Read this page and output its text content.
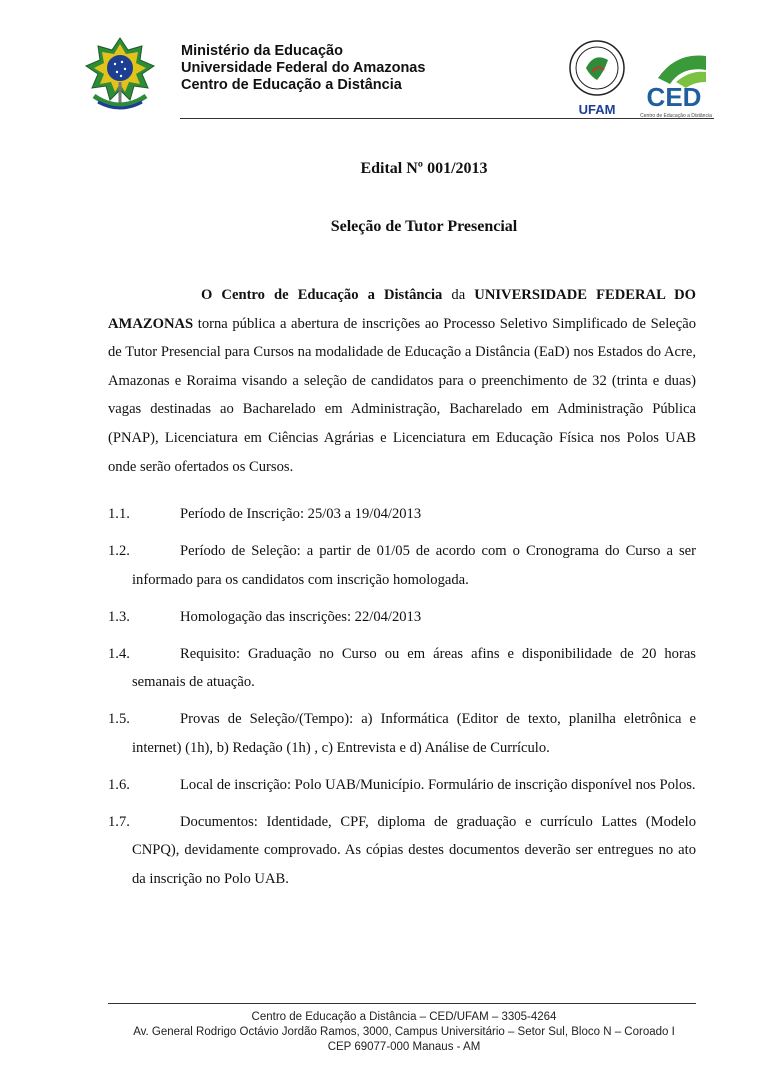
Ministério da Educação
Universidade Federal do Amazonas
Centro de Educação a Distância
UFAM CED
Centro de Educação a Distância
Edital Nº 001/2013
Seleção de Tutor Presencial
O Centro de Educação a Distância da UNIVERSIDADE FEDERAL DO AMAZONAS torna pública a abertura de inscrições ao Processo Seletivo Simplificado de Seleção de Tutor Presencial para Cursos na modalidade de Educação a Distância (EaD) nos Estados do Acre, Amazonas e Roraima visando a seleção de candidatos para o preenchimento de 32 (trinta e duas) vagas destinadas ao Bacharelado em Administração, Bacharelado em Administração Pública (PNAP), Licenciatura em Ciências Agrárias e Licenciatura em Educação Física nos Polos UAB onde serão ofertados os Cursos.
1.1.	Período de Inscrição: 25/03 a 19/04/2013
1.2.	Período de Seleção: a partir de 01/05 de acordo com o Cronograma do Curso a ser informado para os candidatos com inscrição homologada.
1.3.	Homologação das inscrições: 22/04/2013
1.4.	Requisito: Graduação no Curso ou em áreas afins e disponibilidade de 20 horas semanais de atuação.
1.5.	Provas de Seleção/(Tempo): a) Informática (Editor de texto, planilha eletrônica e internet) (1h), b) Redação (1h) , c) Entrevista e d) Análise de Currículo.
1.6.	Local de inscrição: Polo UAB/Município. Formulário de inscrição disponível nos Polos.
1.7.	Documentos: Identidade, CPF, diploma de graduação e currículo Lattes (Modelo CNPQ), devidamente comprovado. As cópias destes documentos deverão ser entregues no ato da inscrição no Polo UAB.
Centro de Educação a Distância – CED/UFAM – 3305-4264
Av. General Rodrigo Octávio Jordão Ramos, 3000, Campus Universitário – Setor Sul, Bloco N – Coroado I
CEP 69077-000 Manaus - AM
